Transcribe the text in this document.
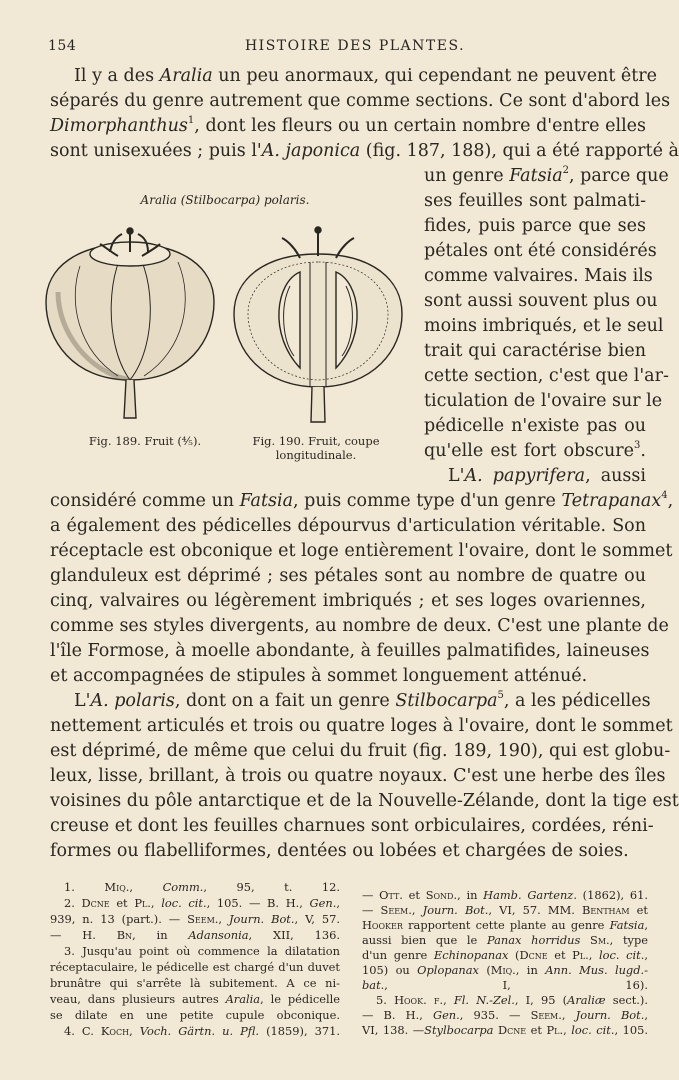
154	HISTOIRE DES PLANTES.
Il y a des Aralia un peu anormaux, qui cependant ne peuvent être
séparés du genre autrement que comme sections. Ce sont d'abord les
Dimorphanthus$^1$, dont les fleurs ou un certain nombre d'entre elles
sont unisexuées ; puis l'A. japonica (fig. 187, 188), qui a été rapporté à
un genre Fatsia$^2$, parce que
ses feuilles sont palmati-
fides, puis parce que ses
pétales ont été considérés
comme valvaires. Mais ils
sont aussi souvent plus ou
moins imbriqués, et le seul
trait qui caractérise bien
cette section, c'est que l'ar-
ticulation de l'ovaire sur le
pédicelle n'existe pas ou
qu'elle est fort obscure$^3$.
L'A. papyrifera, aussi
considéré comme un Fatsia, puis comme type d'un genre Tetrapanax$^4$,
a également des pédicelles dépourvus d'articulation véritable. Son
réceptacle est obconique et loge entièrement l'ovaire, dont le sommet
glanduleux est déprimé ; ses pétales sont au nombre de quatre ou
cinq, valvaires ou légèrement imbriqués ; et ses loges ovariennes,
comme ses styles divergents, au nombre de deux. C'est une plante de
l'île Formose, à moelle abondante, à feuilles palmatifides, laineuses
et accompagnées de stipules à sommet longuement atténué.
L'A. polaris, dont on a fait un genre Stilbocarpa$^5$, a les pédicelles
nettement articulés et trois ou quatre loges à l'ovaire, dont le sommet
est déprimé, de même que celui du fruit (fig. 189, 190), qui est globu-
leux, lisse, brillant, à trois ou quatre noyaux. C'est une herbe des îles
voisines du pôle antarctique et de la Nouvelle-Zélande, dont la tige est
creuse et dont les feuilles charnues sont orbiculaires, cordées, réni-
formes ou flabelliformes, dentées ou lobées et chargées de soies.
Aralia (Stilbocarpa) polaris.
Fig. 189. Fruit (⅘).	Fig. 190. Fruit, coupe
longitudinale.
1. Miq., Comm., 95, t. 12.
2. Dcne et Pl., loc. cit., 105. — B. H., Gen.,
939, n. 13 (part.). — Seem., Journ. Bot., V, 57.
— H. Bn, in Adansonia, XII, 136.
3. Jusqu'au point où commence la dilatation
réceptaculaire, le pédicelle est chargé d'un duvet
brunâtre qui s'arrête là subitement. A ce ni-
veau, dans plusieurs autres Aralia, le pédicelle
se dilate en une petite cupule obconique.
4. C. Koch, Voch. Gärtn. u. Pfl. (1859), 371.
— Ott. et Sond., in Hamb. Gartenz. (1862), 61.
— Seem., Journ. Bot., VI, 57. MM. Bentham et
Hooker rapportent cette plante au genre Fatsia,
aussi bien que le Panax horridus Sm., type
d'un genre Echinopanax (Dcne et Pl., loc. cit.,
105) ou Oplopanax (Miq., in Ann. Mus. lugd.-
bat., I, 16).
5. Hook. f., Fl. N.-Zel., I, 95 (Araliæ sect.).
— B. H., Gen., 935. — Seem., Journ. Bot.,
VI, 138. —Stylbocarpa Dcne et Pl., loc. cit., 105.
